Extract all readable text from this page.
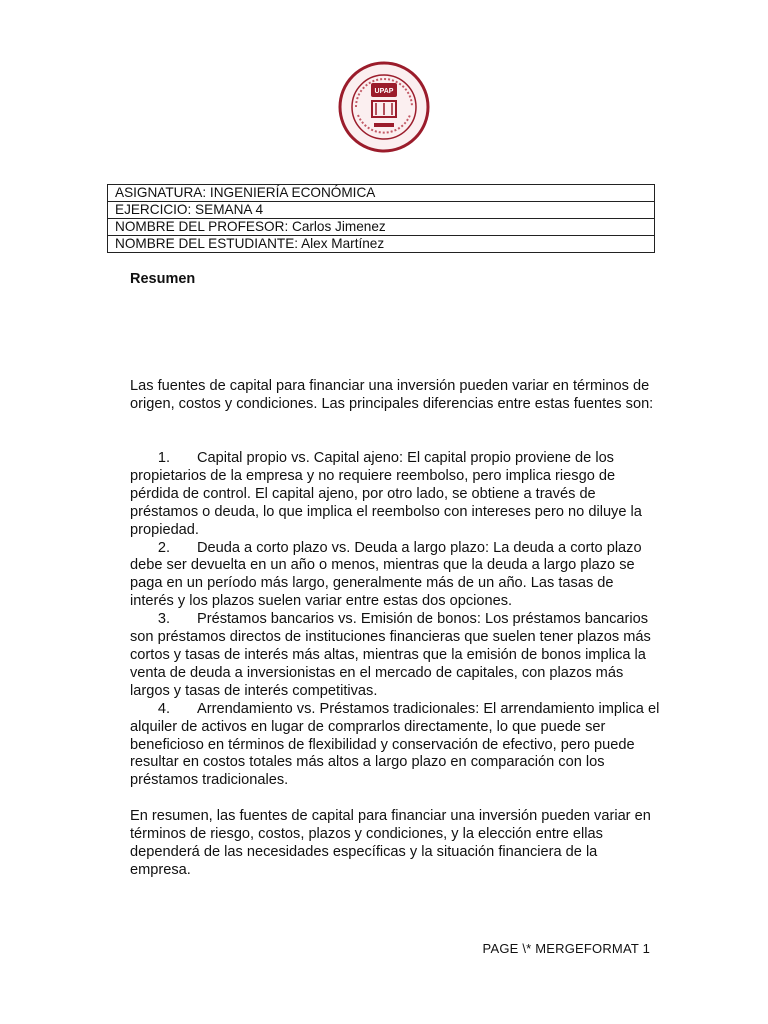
UPAP
ASIGNATURA: INGENIERÍA ECONÓMICA
EJERCICIO: SEMANA 4
NOMBRE DEL PROFESOR: Carlos Jimenez
NOMBRE DEL ESTUDIANTE: Alex Martínez
Resumen
Las fuentes de capital para financiar una inversión pueden variar en términos de origen, costos y condiciones. Las principales diferencias entre estas fuentes son:

1. Capital propio vs. Capital ajeno: El capital propio proviene de los propietarios de la empresa y no requiere reembolso, pero implica riesgo de pérdida de control. El capital ajeno, por otro lado, se obtiene a través de préstamos o deuda, lo que implica el reembolso con intereses pero no diluye la propiedad.

2. Deuda a corto plazo vs. Deuda a largo plazo: La deuda a corto plazo debe ser devuelta en un año o menos, mientras que la deuda a largo plazo se paga en un período más largo, generalmente más de un año. Las tasas de interés y los plazos suelen variar entre estas dos opciones.

3. Préstamos bancarios vs. Emisión de bonos: Los préstamos bancarios son préstamos directos de instituciones financieras que suelen tener plazos más cortos y tasas de interés más altas, mientras que la emisión de bonos implica la venta de deuda a inversionistas en el mercado de capitales, con plazos más largos y tasas de interés competitivas.

4. Arrendamiento vs. Préstamos tradicionales: El arrendamiento implica el alquiler de activos en lugar de comprarlos directamente, lo que puede ser beneficioso en términos de flexibilidad y conservación de efectivo, pero puede resultar en costos totales más altos a largo plazo en comparación con los préstamos tradicionales.

En resumen, las fuentes de capital para financiar una inversión pueden variar en términos de riesgo, costos, plazos y condiciones, y la elección entre ellas dependerá de las necesidades específicas y la situación financiera de la empresa.
PAGE \* MERGEFORMAT 1
